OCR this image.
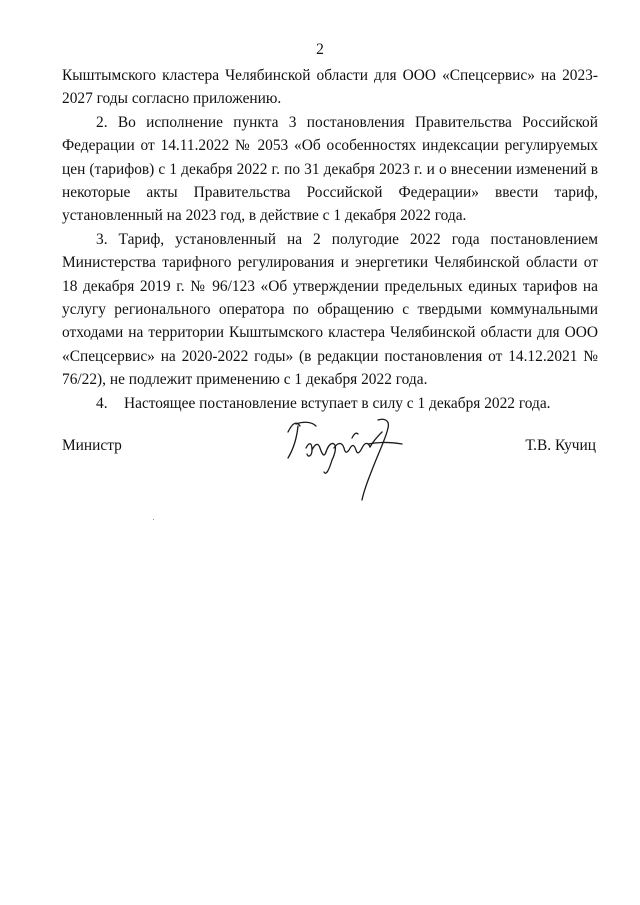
2

Кыштымского кластера Челябинской области для ООО «Спецсервис» на 2023-2027 годы согласно приложению.

2. Во исполнение пункта 3 постановления Правительства Российской Федерации от 14.11.2022 № 2053 «Об особенностях индексации регулируемых цен (тарифов) с 1 декабря 2022 г. по 31 декабря 2023 г. и о внесении изменений в некоторые акты Правительства Российской Федерации» ввести тариф, установленный на 2023 год, в действие с 1 декабря 2022 года.

3. Тариф, установленный на 2 полугодие 2022 года постановлением Министерства тарифного регулирования и энергетики Челябинской области от 18 декабря 2019 г. № 96/123 «Об утверждении предельных единых тарифов на услугу регионального оператора по обращению с твердыми коммунальными отходами на территории Кыштымского кластера Челябинской области для ООО «Спецсервис» на 2020-2022 годы» (в редакции постановления от 14.12.2021 № 76/22), не подлежит применению с 1 декабря 2022 года.

4. Настоящее постановление вступает в силу с 1 декабря 2022 года.

Министр	Т.В. Кучиц
